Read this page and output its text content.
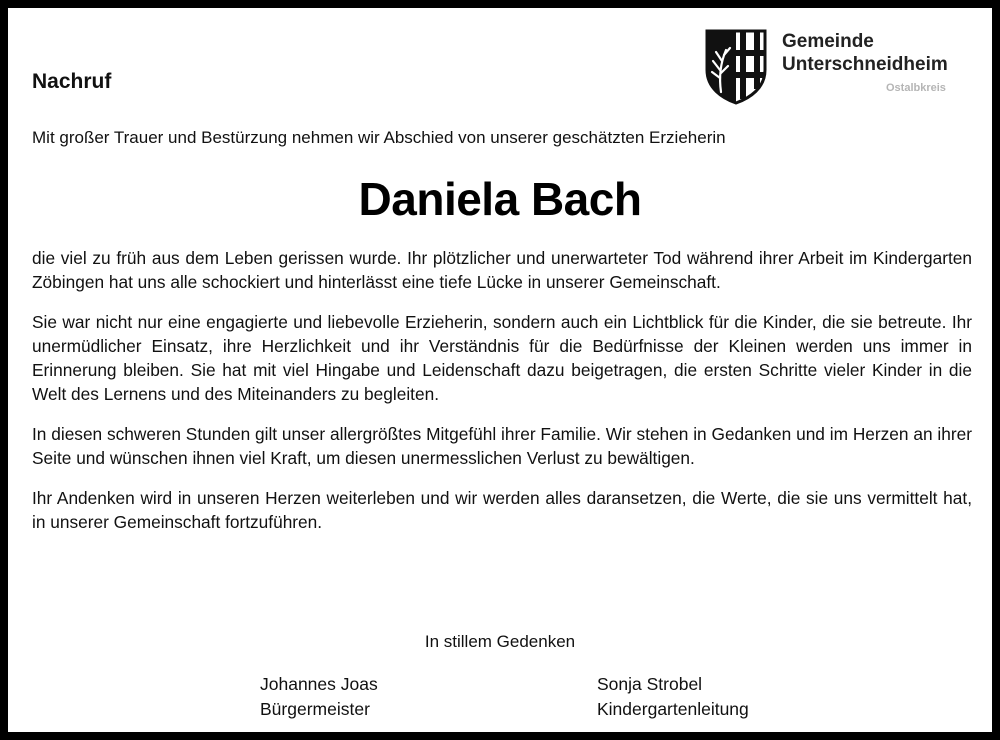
Nachruf
Gemeinde
Unterschneidheim
Ostalbkreis

Mit großer Trauer und Bestürzung nehmen wir Abschied von unserer geschätzten Erzieherin

Daniela Bach

die viel zu früh aus dem Leben gerissen wurde. Ihr plötzlicher und unerwarteter Tod während ihrer Arbeit im Kindergarten Zöbingen hat uns alle schockiert und hinterlässt eine tiefe Lücke in unserer Gemeinschaft.

Sie war nicht nur eine engagierte und liebevolle Erzieherin, sondern auch ein Lichtblick für die Kinder, die sie betreute. Ihr unermüdlicher Einsatz, ihre Herzlichkeit und ihr Verständnis für die Bedürfnisse der Kleinen werden uns immer in Erinnerung bleiben. Sie hat mit viel Hingabe und Leidenschaft dazu beigetragen, die ersten Schritte vieler Kinder in die Welt des Lernens und des Miteinanders zu begleiten.

In diesen schweren Stunden gilt unser allergrößtes Mitgefühl ihrer Familie. Wir stehen in Gedanken und im Herzen an ihrer Seite und wünschen ihnen viel Kraft, um diesen unermesslichen Verlust zu bewältigen.

Ihr Andenken wird in unseren Herzen weiterleben und wir werden alles daransetzen, die Werte, die sie uns vermittelt hat, in unserer Gemeinschaft fortzuführen.

In stillem Gedenken

Johannes Joas
Bürgermeister
Sonja Strobel
Kindergartenleitung
